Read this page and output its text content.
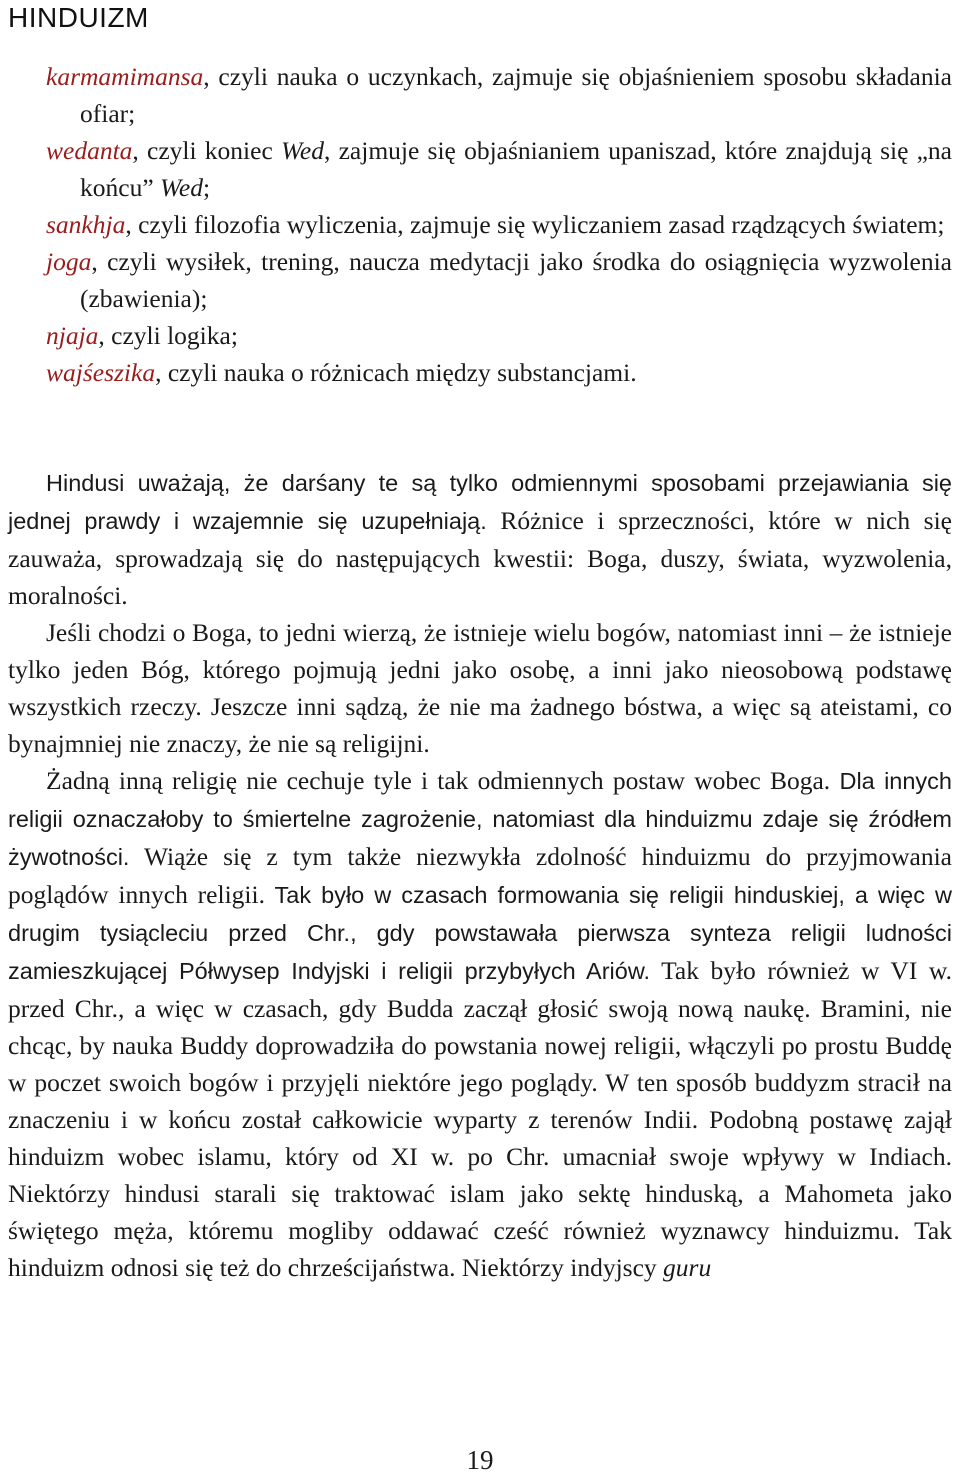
HINDUIZM
karmamimansa, czyli nauka o uczynkach, zajmuje się objaśnieniem sposobu składania ofiar;
wedanta, czyli koniec Wed, zajmuje się objaśnianiem upaniszad, które znajdują się „na końcu” Wed;
sankhja, czyli filozofia wyliczenia, zajmuje się wyliczaniem zasad rządzących światem;
joga, czyli wysiłek, trening, naucza medytacji jako środka do osiągnięcia wyzwolenia (zbawienia);
njaja, czyli logika;
wajśeszika, czyli nauka o różnicach między substancjami.

Hindusi uważają, że darśany te są tylko odmiennymi sposobami przejawiania się jednej prawdy i wzajemnie się uzupełniają. Różnice i sprzeczności, które w nich się zauważa, sprowadzają się do następujących kwestii: Boga, duszy, świata, wyzwolenia, moralności.

Jeśli chodzi o Boga, to jedni wierzą, że istnieje wielu bogów, natomiast inni – że istnieje tylko jeden Bóg, którego pojmują jedni jako osobę, a inni jako nieosobową podstawę wszystkich rzeczy. Jeszcze inni sądzą, że nie ma żadnego bóstwa, a więc są ateistami, co bynajmniej nie znaczy, że nie są religijni.

Żadną inną religię nie cechuje tyle i tak odmiennych postaw wobec Boga. Dla innych religii oznaczałoby to śmiertelne zagrożenie, natomiast dla hinduizmu zdaje się źródłem żywotności. Wiąże się z tym także niezwykła zdolność hinduizmu do przyjmowania poglądów innych religii. Tak było w czasach formowania się religii hinduskiej, a więc w drugim tysiącleciu przed Chr., gdy powstawała pierwsza synteza religii ludności zamieszkującej Półwysep Indyjski i religii przybyłych Ariów. Tak było również w VI w. przed Chr., a więc w czasach, gdy Budda zaczął głosić swoją nową naukę. Bramini, nie chcąc, by nauka Buddy doprowadziła do powstania nowej religii, włączyli po prostu Buddę w poczet swoich bogów i przyjęli niektóre jego poglądy. W ten sposób buddyzm stracił na znaczeniu i w końcu został całkowicie wyparty z terenów Indii. Podobną postawę zajął hinduizm wobec islamu, który od XI w. po Chr. umacniał swoje wpływy w Indiach. Niektórzy hindusi starali się traktować islam jako sektę hinduską, a Mahometa jako świętego męża, któremu mogliby oddawać cześć również wyznawcy hinduizmu. Tak hinduizm odnosi się też do chrześcijaństwa. Niektórzy indyjscy guru

19
